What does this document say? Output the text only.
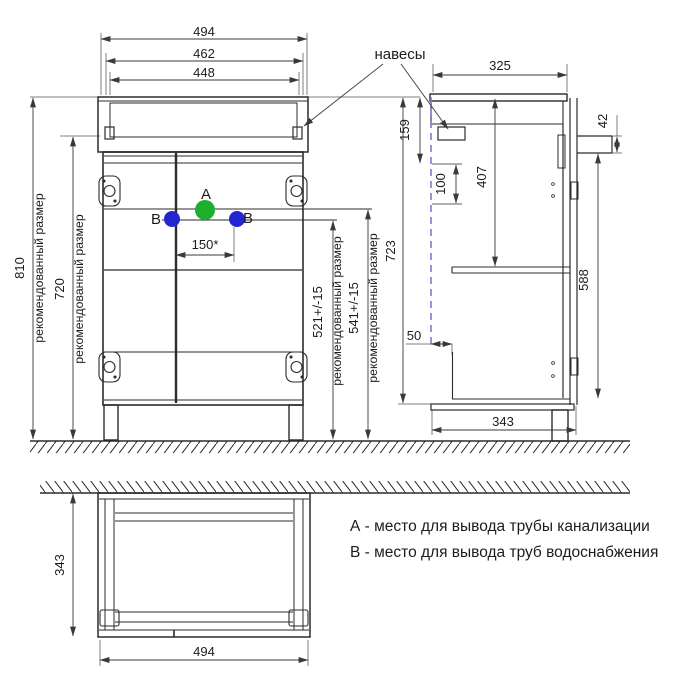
494
462
448
810 рекомендованный размер 720 рекомендованный размер	521+/-15 рекомендованный размер 541+/-15 рекомендованный размер 723
150*
A
B	B
навесы
325
159
100 407
42
588
50
343
343
494
А - место для вывода трубы канализации
В - место для вывода труб водоснабжения
